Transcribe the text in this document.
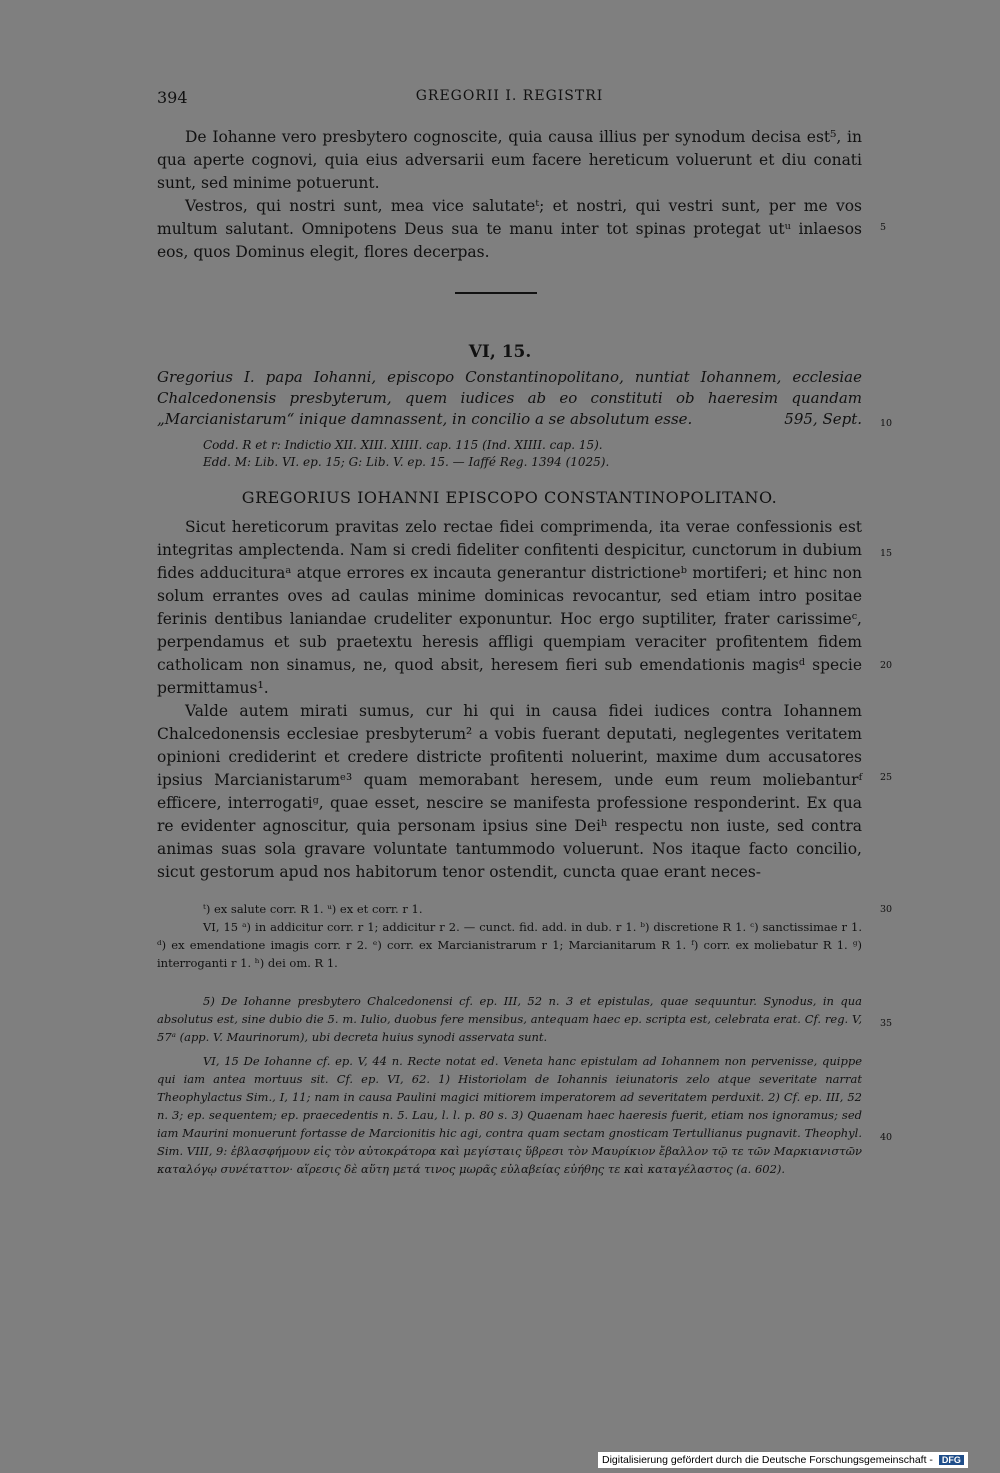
394	GREGORII I. REGISTRI

De Iohanne vero presbytero cognoscite, quia causa illius per synodum decisa est⁵, in qua aperte cognovi, quia eius adversarii eum facere hereticum voluerunt et diu conati sunt, sed minime potuerunt.

Vestros, qui nostri sunt, mea vice salutateᵗ; et nostri, qui vestri sunt, per me vos multum salutant. Omnipotens Deus sua te manu inter tot spinas protegat utᵘ inlaesos eos, quos Dominus elegit, flores decerpas.

VI, 15.
Gregorius I. papa Iohanni, episcopo Constantinopolitano, nuntiat Iohannem, ecclesiae Chalcedonensis presbyterum, quem iudices ab eo constituti ob haeresim quandam „Marcianistarum“ inique damnassent, in concilio a se absolutum esse.	595, Sept.
Codd. R et r: Indictio XII. XIII. XIIII. cap. 115 (Ind. XIIII. cap. 15).
Edd. M: Lib. VI. ep. 15; G: Lib. V. ep. 15. — Iaffé Reg. 1394 (1025).
GREGORIUS IOHANNI EPISCOPO CONSTANTINOPOLITANO.

Sicut hereticorum pravitas zelo rectae fidei comprimenda, ita verae confessionis est integritas amplectenda. Nam si credi fideliter confitenti despicitur, cunctorum in dubium fides adducituraᵃ atque errores ex incauta generantur districtioneᵇ mortiferi; et hinc non solum errantes oves ad caulas minime dominicas revocantur, sed etiam intro positae ferinis dentibus laniandae crudeliter exponuntur. Hoc ergo suptiliter, frater carissimeᶜ, perpendamus et sub praetextu heresis affligi quempiam veraciter profitentem fidem catholicam non sinamus, ne, quod absit, heresem fieri sub emendationis magisᵈ specie permittamus¹.

Valde autem mirati sumus, cur hi qui in causa fidei iudices contra Iohannem Chalcedonensis ecclesiae presbyterum² a vobis fuerant deputati, neglegentes veritatem opinioni crediderint et credere districte profitenti noluerint, maxime dum accusatores ipsius Marcianistarumᵉ³ quam memorabant heresem, unde eum reum moliebanturᶠ efficere, interrogatiᵍ, quae esset, nescire se manifesta professione responderint. Ex qua re evidenter agnoscitur, quia personam ipsius sine Deiʰ respectu non iuste, sed contra animas suas sola gravare voluntate tantummodo voluerunt. Nos itaque facto concilio, sicut gestorum apud nos habitorum tenor ostendit, cuncta quae erant neces-

5
10
15
20
25
30
35
40

ᵗ) ex salute corr. R 1. ᵘ) ex et corr. r 1.

VI, 15 ᵃ) in addicitur corr. r 1; addicitur r 2. — cunct. fid. add. in dub. r 1. ᵇ) discretione R 1. ᶜ) sanctissimae r 1. ᵈ) ex emendatione imagis corr. r 2. ᵉ) corr. ex Marcianistrarum r 1; Marcianitarum R 1. ᶠ) corr. ex moliebatur R 1. ᵍ) interroganti r 1. ʰ) dei om. R 1.

5) De Iohanne presbytero Chalcedonensi cf. ep. III, 52 n. 3 et epistulas, quae sequuntur. Synodus, in qua absolutus est, sine dubio die 5. m. Iulio, duobus fere mensibus, antequam haec ep. scripta est, celebrata erat. Cf. reg. V, 57ᵃ (app. V. Maurinorum), ubi decreta huius synodi asservata sunt.

VI, 15 De Iohanne cf. ep. V, 44 n. Recte notat ed. Veneta hanc epistulam ad Iohannem non pervenisse, quippe qui iam antea mortuus sit. Cf. ep. VI, 62. 1) Historiolam de Iohannis ieiunatoris zelo atque severitate narrat Theophylactus Sim., I, 11; nam in causa Paulini magici mitiorem imperatorem ad severitatem perduxit. 2) Cf. ep. III, 52 n. 3; ep. sequentem; ep. praecedentis n. 5. Lau, l. l. p. 80 s. 3) Quaenam haec haeresis fuerit, etiam nos ignoramus; sed iam Maurini monuerunt fortasse de Marcionitis hic agi, contra quam sectam gnosticam Tertullianus pugnavit. Theophyl. Sim. VIII, 9: ἐβλασφήμουν εἰς τὸν αὐτοκράτορα καὶ μεγίσταις ὕβρεσι τὸν Μαυρίκιον ἔβαλλον τῷ τε τῶν Μαρκιανιστῶν καταλόγῳ συνέταττον· αἵρεσις δὲ αὕτη μετά τινος μωρᾶς εὐλαβείας εὐήθης τε καὶ καταγέλαστος (a. 602).

Digitalisierung gefördert durch die Deutsche Forschungsgemeinschaft - DFG
